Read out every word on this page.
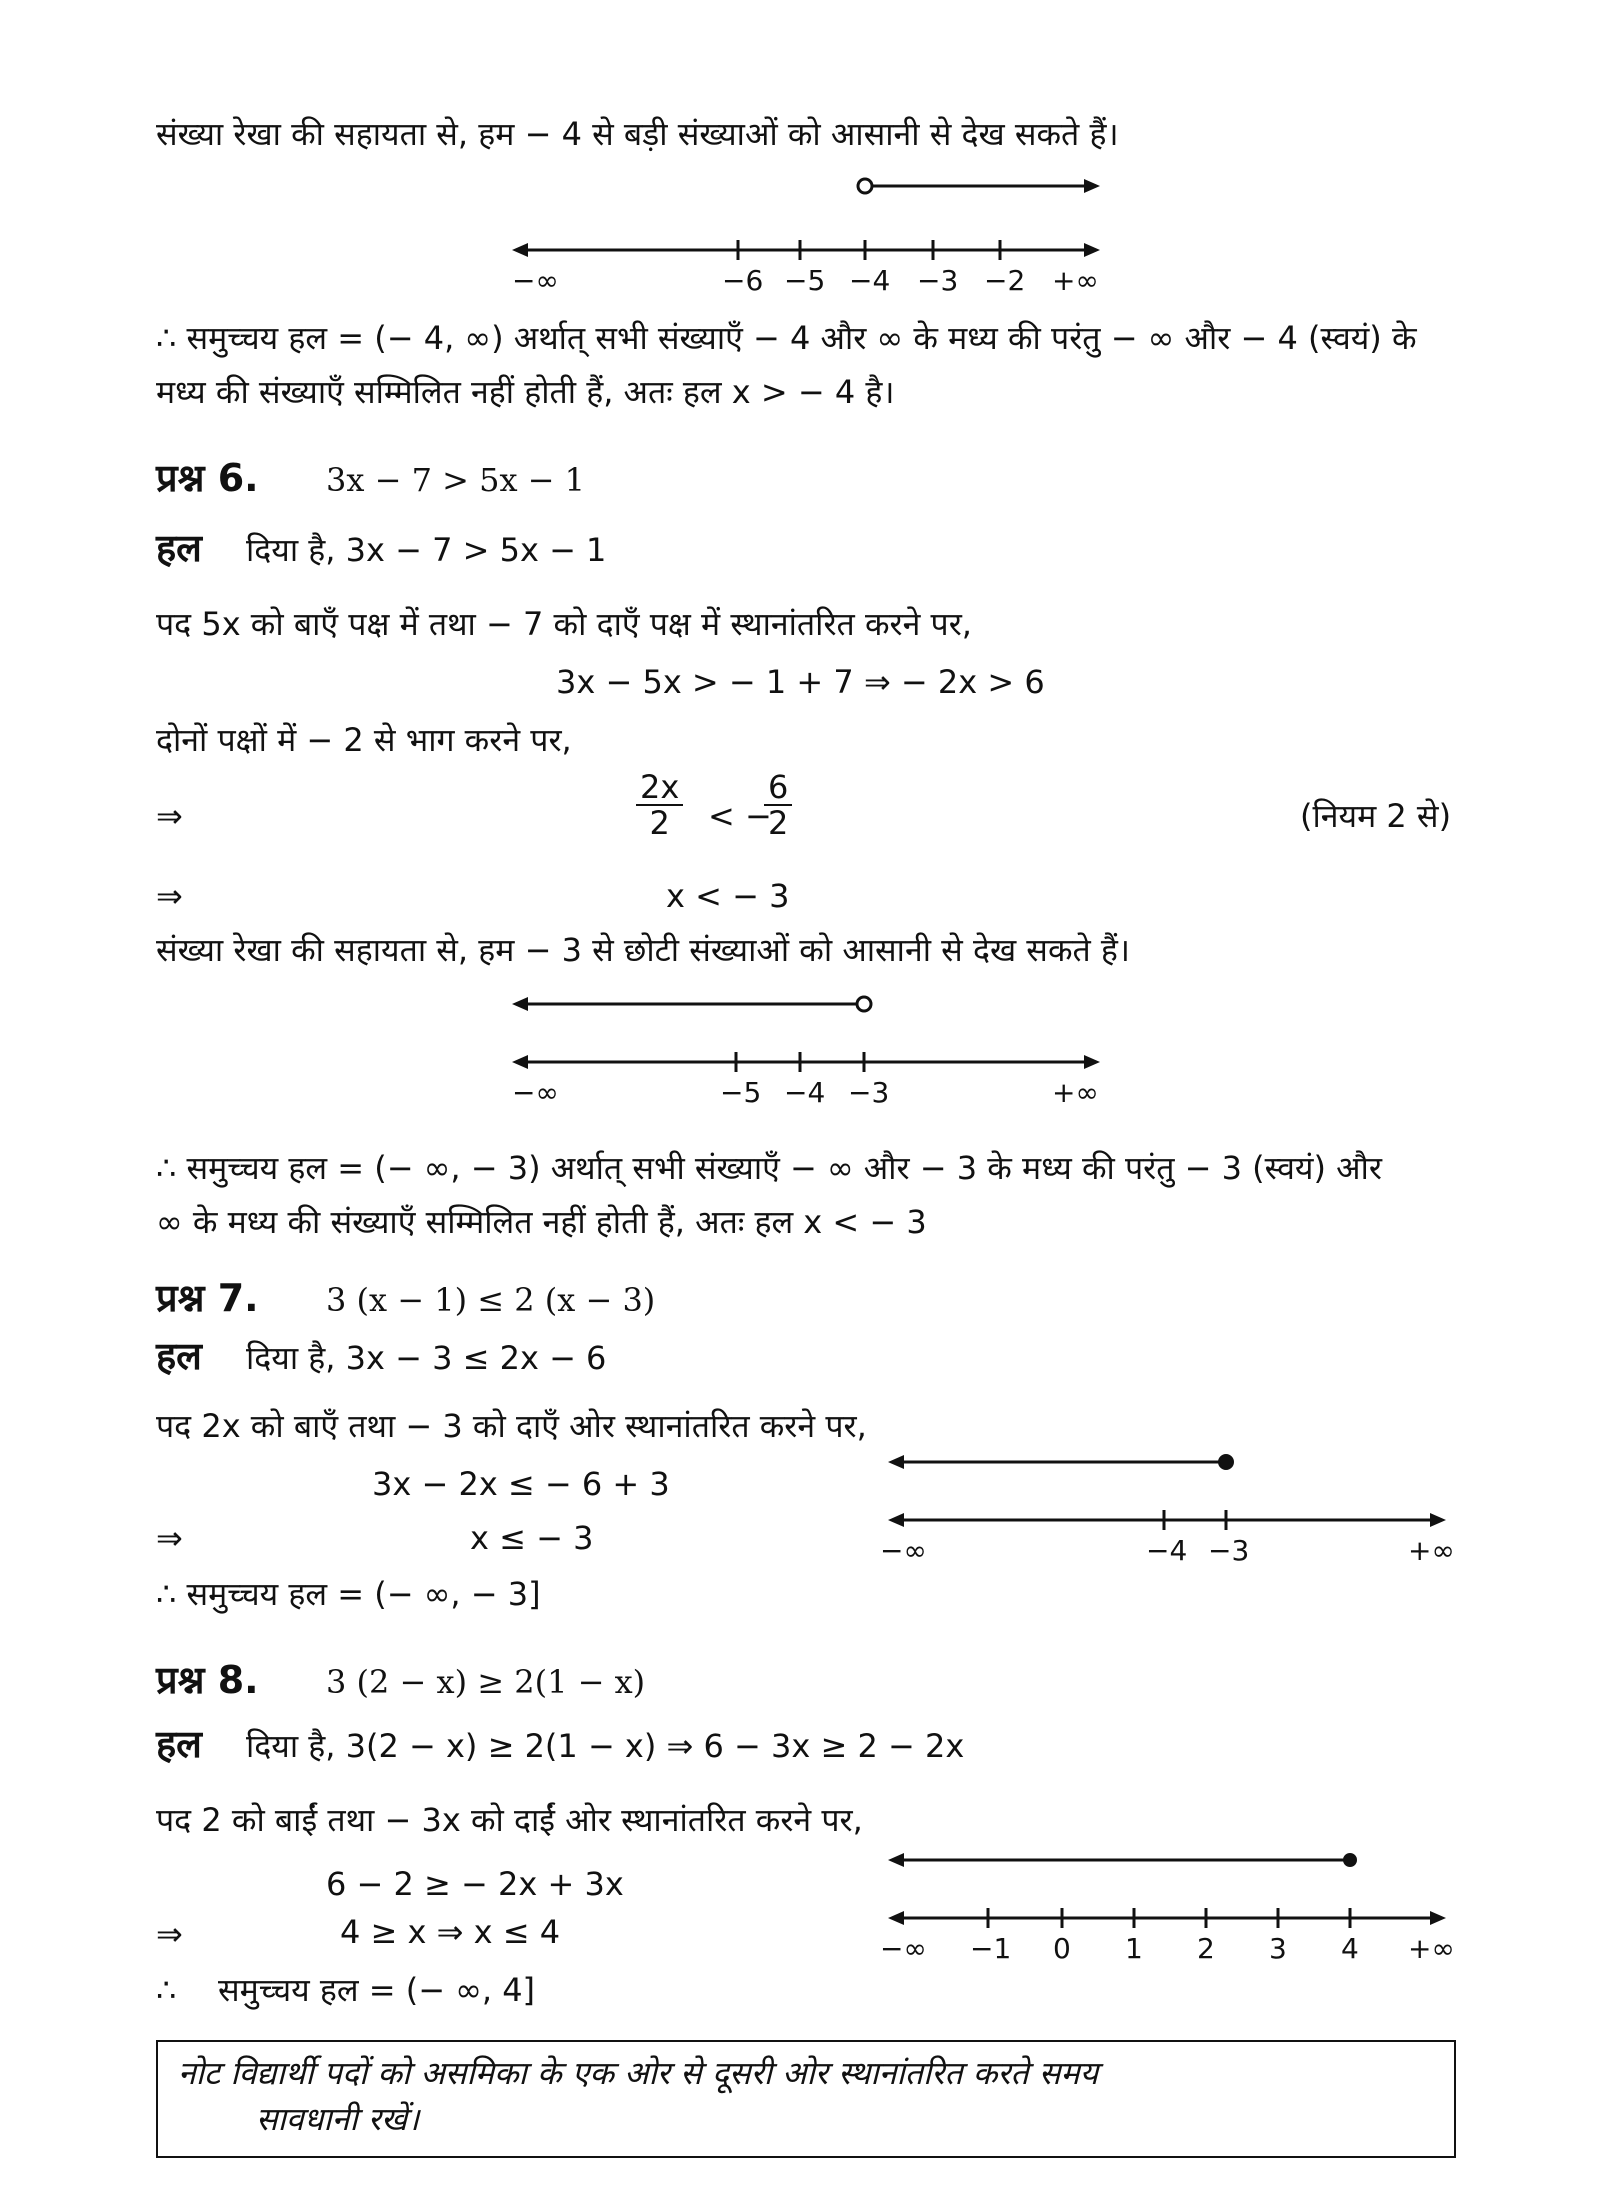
संख्या रेखा की सहायता से, हम − 4 से बड़ी संख्याओं को आसानी से देख सकते हैं।
−∞	−6 −5 −4 −3 −2 +∞
∴ समुच्चय हल = (− 4, ∞) अर्थात् सभी संख्याएँ − 4 और ∞ के मध्य की परंतु − ∞ और − 4 (स्वयं) के
मध्य की संख्याएँ सम्मिलित नहीं होती हैं, अतः हल x > − 4 है।
प्रश्न 6. 3x − 7 > 5x − 1
हल दिया है, 3x − 7 > 5x − 1
पद 5x को बाएँ पक्ष में तथा − 7 को दाएँ पक्ष में स्थानांतरित करने पर,
3x − 5x > − 1 + 7 ⇒ − 2x > 6
दोनों पक्षों में − 2 से भाग करने पर,
⇒	$\frac{2x}{2}$ < −
$\frac{6}{2}$	(नियम 2 से)
⇒	x < − 3
संख्या रेखा की सहायता से, हम − 3 से छोटी संख्याओं को आसानी से देख सकते हैं।
−∞	−5 −4 −3	+∞
∴ समुच्चय हल = (− ∞, − 3) अर्थात् सभी संख्याएँ − ∞ और − 3 के मध्य की परंतु − 3 (स्वयं) और
∞ के मध्य की संख्याएँ सम्मिलित नहीं होती हैं, अतः हल x < − 3
प्रश्न 7. 3 (x − 1) ≤ 2 (x − 3)
हल दिया है, 3x − 3 ≤ 2x − 6
पद 2x को बाएँ तथा − 3 को दाएँ ओर स्थानांतरित करने पर,
3x − 2x ≤ − 6 + 3
⇒	x ≤ − 3
∴ समुच्चय हल = (− ∞, − 3]
−∞	−4 −3	+∞
प्रश्न 8. 3 (2 − x) ≥ 2(1 − x)
हल दिया है, 3(2 − x) ≥ 2(1 − x) ⇒ 6 − 3x ≥ 2 − 2x
पद 2 को बाईं तथा − 3x को दाईं ओर स्थानांतरित करने पर,
6 − 2 ≥ − 2x + 3x
⇒	4 ≥ x ⇒ x ≤ 4
∴ समुच्चय हल = (− ∞, 4]
−∞ −1 0 1 2 3 4 +∞
नोट विद्यार्थी पदों को असमिका के एक ओर से दूसरी ओर स्थानांतरित करते समय
सावधानी रखें।
